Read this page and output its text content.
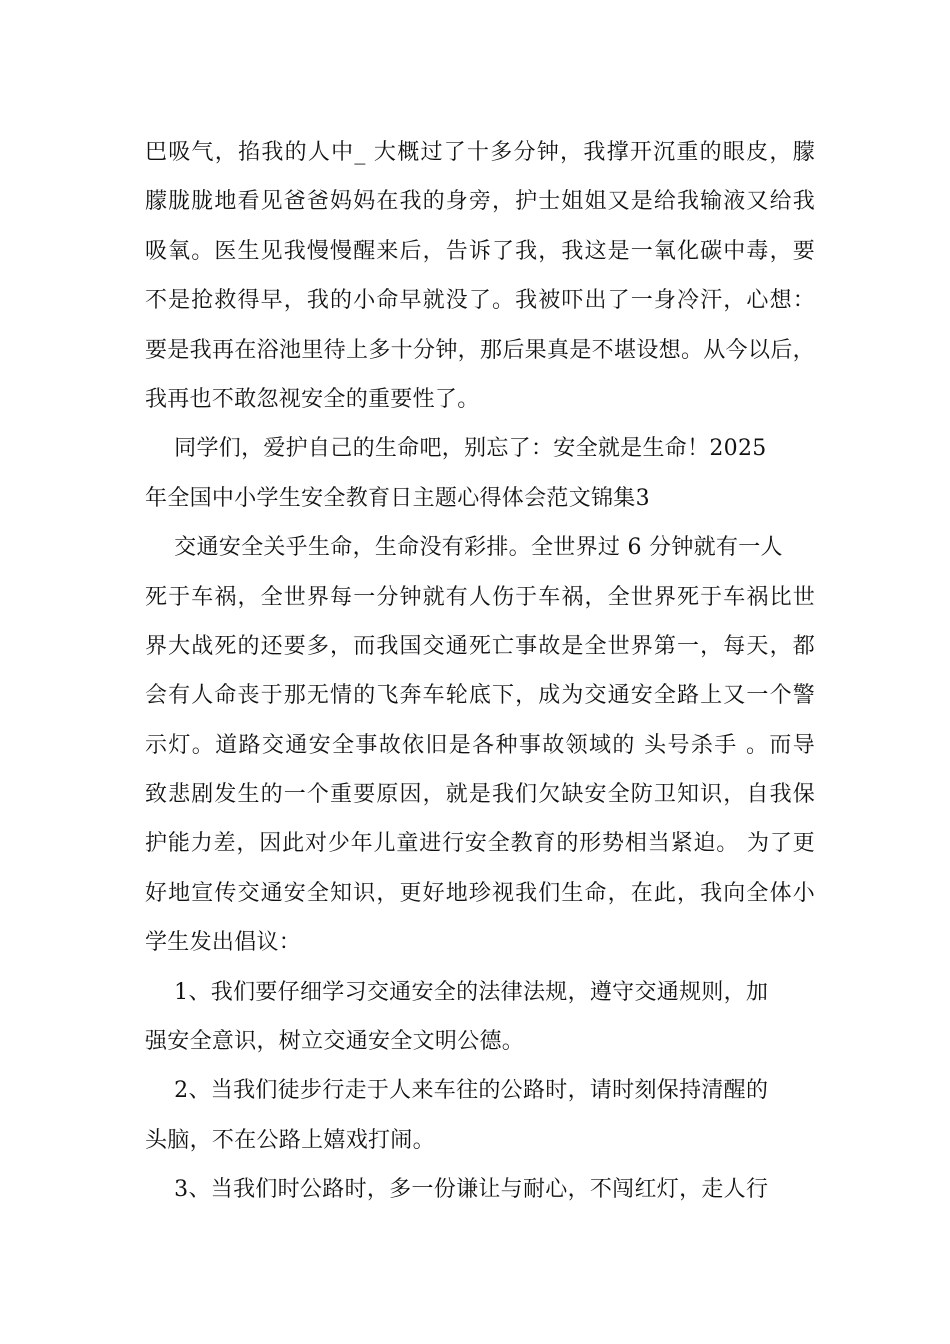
巴吸气，掐我的人中_ 大概过了十多分钟，我撑开沉重的眼皮，朦
朦胧胧地看见爸爸妈妈在我的身旁，护士姐姐又是给我输液又给我
吸氧。医生见我慢慢醒来后，告诉了我，我这是一氧化碳中毒，要
不是抢救得早，我的小命早就没了。我被吓出了一身冷汗，心想：
要是我再在浴池里待上多十分钟，那后果真是不堪设想。从今以后，
我再也不敢忽视安全的重要性了。
同学们，爱护自己的生命吧，别忘了：安全就是生命！2025
年全国中小学生安全教育日主题心得体会范文锦集3
交通安全关乎生命，生命没有彩排。全世界过 6 分钟就有一人
死于车祸，全世界每一分钟就有人伤于车祸，全世界死于车祸比世
界大战死的还要多，而我国交通死亡事故是全世界第一，每天，都
会有人命丧于那无情的飞奔车轮底下，成为交通安全路上又一个警
示灯。道路交通安全事故依旧是各种事故领域的 头号杀手 。而导
致悲剧发生的一个重要原因，就是我们欠缺安全防卫知识，自我保
护能力差，因此对少年儿童进行安全教育的形势相当紧迫。 为了更
好地宣传交通安全知识，更好地珍视我们生命，在此，我向全体小
学生发出倡议：
1、我们要仔细学习交通安全的法律法规，遵守交通规则，加
强安全意识，树立交通安全文明公德。
2、当我们徒步行走于人来车往的公路时，请时刻保持清醒的
头脑，不在公路上嬉戏打闹。
3、当我们时公路时，多一份谦让与耐心，不闯红灯，走人行
